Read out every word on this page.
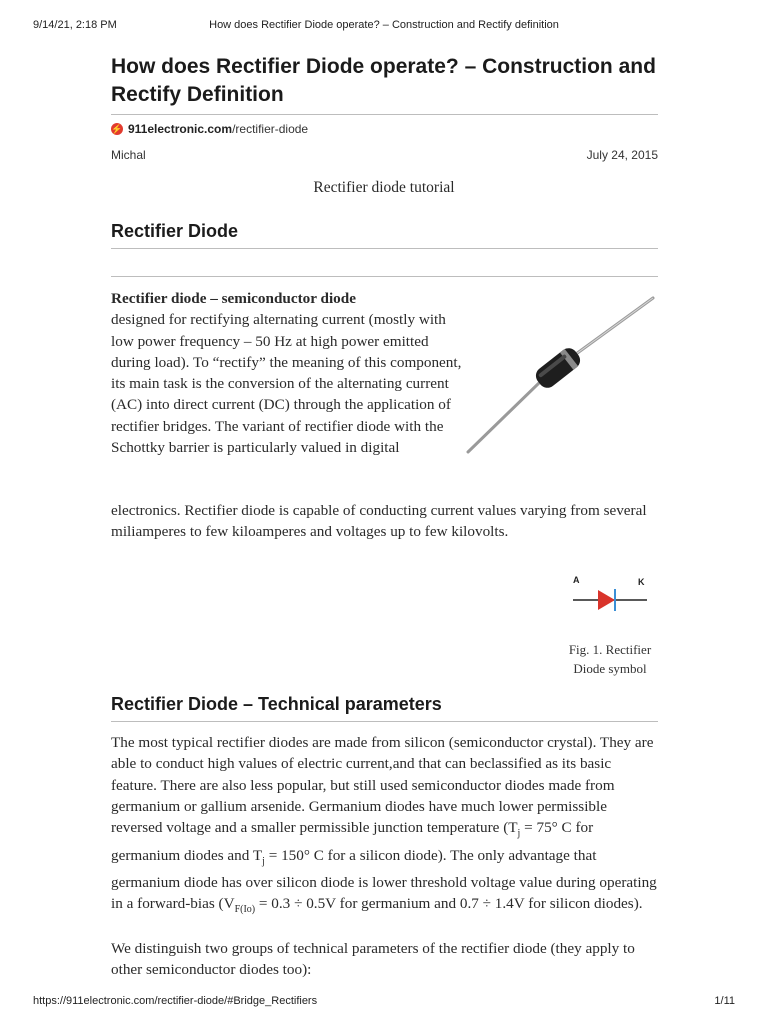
9/14/21, 2:18 PM	How does Rectifier Diode operate? – Construction and Rectify definition
How does Rectifier Diode operate? – Construction and Rectify Definition
⚡ 911electronic.com /rectifier-diode
Michal	July 24, 2015
Rectifier diode tutorial
Rectifier Diode
Rectifier diode – semiconductor diode
designed for rectifying alternating current (mostly with low power frequency – 50 Hz at high power emitted during load). To “rectify” the meaning of this component, its main task is the conversion of the alternating current (AC) into direct current (DC) through the application of rectifier bridges. The variant of rectifier diode with the Schottky barrier is particularly valued in digital
electronics. Rectifier diode is capable of conducting current values varying from several miliamperes to few kiloamperes and voltages up to few kilovolts.
A	K
Fig. 1. Rectifier Diode symbol
Rectifier Diode – Technical parameters
The most typical rectifier diodes are made from silicon (semiconductor crystal). They are able to conduct high values of electric current,and that can beclassified as its basic feature. There are also less popular, but still used semiconductor diodes made from germanium or gallium arsenide. Germanium diodes have much lower permissible reversed voltage and a smaller permissible junction temperature ($T_j = 75^\circ$ C for germanium diodes and $T_j = 150^\circ$ C for a silicon diode). The only advantage that germanium diode has over silicon diode is lower threshold voltage value during operating in a forward-bias ($V_{F(Io)} = 0.3 \div 0.5V$ for germanium and 0.7 ÷ 1.4V for silicon diodes).
We distinguish two groups of technical parameters of the rectifier diode (they apply to other semiconductor diodes too):
https://911electronic.com/rectifier-diode/#Bridge_Rectifiers	1/11
